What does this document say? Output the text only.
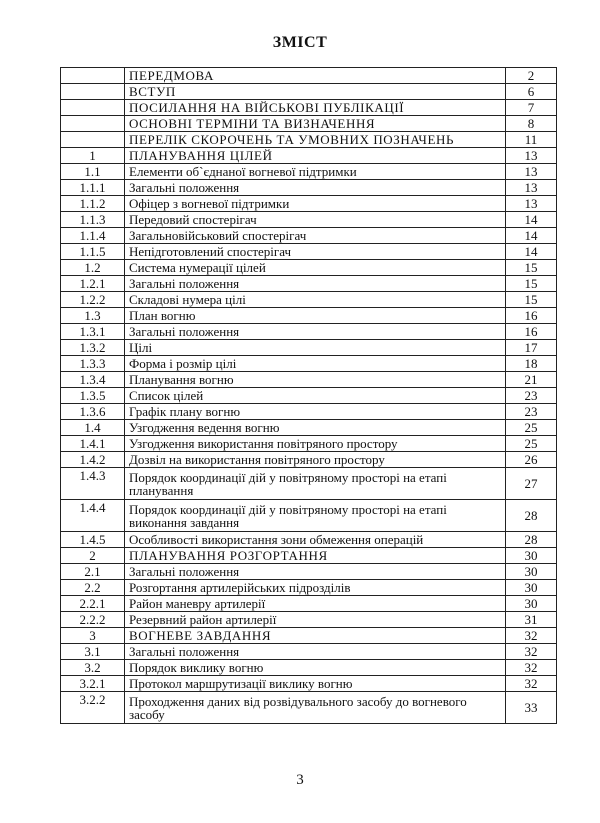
ЗМІСТ
	ПЕРЕДМОВА	2
	ВСТУП	6
	ПОСИЛАННЯ НА ВІЙСЬКОВІ ПУБЛІКАЦІЇ	7
	ОСНОВНІ ТЕРМІНИ ТА ВИЗНАЧЕННЯ	8
	ПЕРЕЛІК СКОРОЧЕНЬ ТА УМОВНИХ ПОЗНАЧЕНЬ	11
1	ПЛАНУВАННЯ ЦІЛЕЙ	13
1.1	Елементи об`єднаної вогневої підтримки	13
1.1.1	Загальні положення	13
1.1.2	Офіцер з вогневої підтримки	13
1.1.3	Передовий спостерігач	14
1.1.4	Загальновійськовий спостерігач	14
1.1.5	Непідготовлений спостерігач	14
1.2	Система нумерації цілей	15
1.2.1	Загальні положення	15
1.2.2	Складові нумера цілі	15
1.3	План вогню	16
1.3.1	Загальні положення	16
1.3.2	Цілі	17
1.3.3	Форма і розмір цілі	18
1.3.4	Планування вогню	21
1.3.5	Список цілей	23
1.3.6	Графік плану вогню	23
1.4	Узгодження ведення вогню	25
1.4.1	Узгодження використання повітряного простору	25
1.4.2	Дозвіл на використання повітряного простору	26
1.4.3	Порядок координації дій у повітряному просторі на етапі планування	27
1.4.4	Порядок координації дій у повітряному просторі на етапі виконання завдання	28
1.4.5	Особливості використання зони обмеження операцій	28
2	ПЛАНУВАННЯ РОЗГОРТАННЯ	30
2.1	Загальні положення	30
2.2	Розгортання артилерійських підрозділів	30
2.2.1	Район маневру артилерії	30
2.2.2	Резервний район артилерії	31
3	ВОГНЕВЕ ЗАВДАННЯ	32
3.1	Загальні положення	32
3.2	Порядок виклику вогню	32
3.2.1	Протокол маршрутизації виклику вогню	32
3.2.2	Проходження даних від розвідувального засобу до вогневого засобу	33
3
